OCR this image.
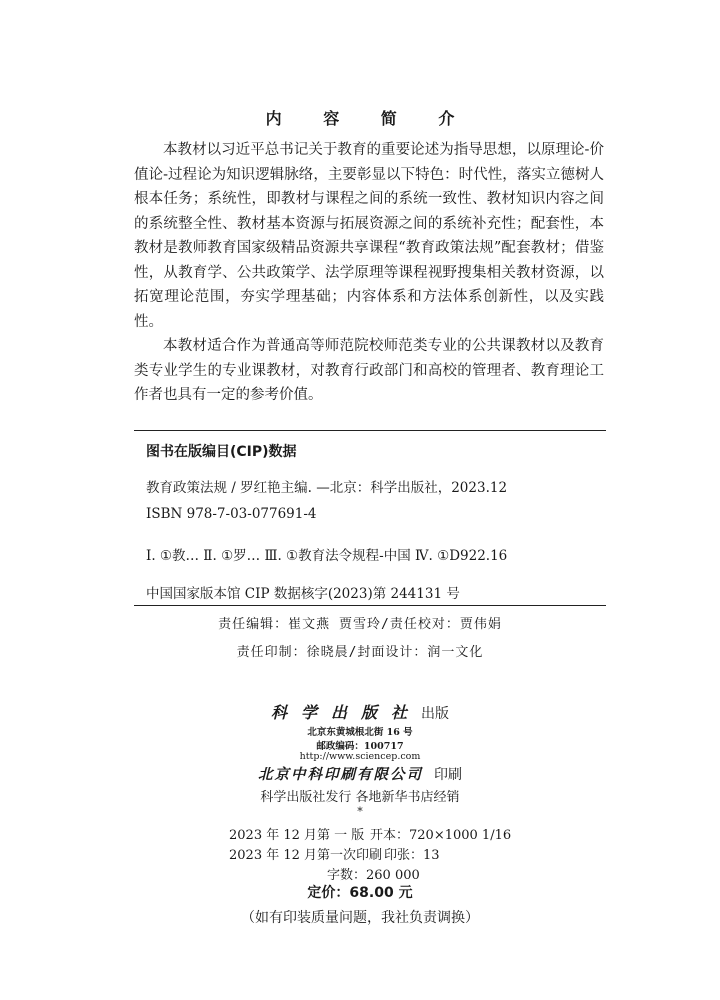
内 容 简 介

本教材以习近平总书记关于教育的重要论述为指导思想，以原理论-价值论-过程论为知识逻辑脉络，主要彰显以下特色：时代性，落实立德树人根本任务；系统性，即教材与课程之间的系统一致性、教材知识内容之间的系统整全性、教材基本资源与拓展资源之间的系统补充性；配套性，本教材是教师教育国家级精品资源共享课程“教育政策法规”配套教材；借鉴性，从教育学、公共政策学、法学原理等课程视野搜集相关教材资源，以拓宽理论范围，夯实学理基础；内容体系和方法体系创新性，以及实践性。

本教材适合作为普通高等师范院校师范类专业的公共课教材以及教育类专业学生的专业课教材，对教育行政部门和高校的管理者、教育理论工作者也具有一定的参考价值。

图书在版编目(CIP)数据
教育政策法规 / 罗红艳主编. —北京：科学出版社，2023.12
ISBN 978-7-03-077691-4
Ⅰ. ①教… Ⅱ. ①罗… Ⅲ. ①教育法令规程-中国 Ⅳ. ①D922.16
中国国家版本馆 CIP 数据核字(2023)第 244131 号
责任编辑：崔文燕 贾雪玲/责任校对：贾伟娟
责任印制：徐晓晨/封面设计：润一文化
科学出版社出版
北京东黄城根北街 16 号
邮政编码：100717
http://www.sciencep.com
北京中科印刷有限公司 印刷
科学出版社发行 各地新华书店经销
*
2023 年 12 月第 一 版 开本：720×1000 1/16
2023 年 12 月第一次印刷 印张：13
字数：260 000
定价：68.00 元
（如有印装质量问题，我社负责调换）
